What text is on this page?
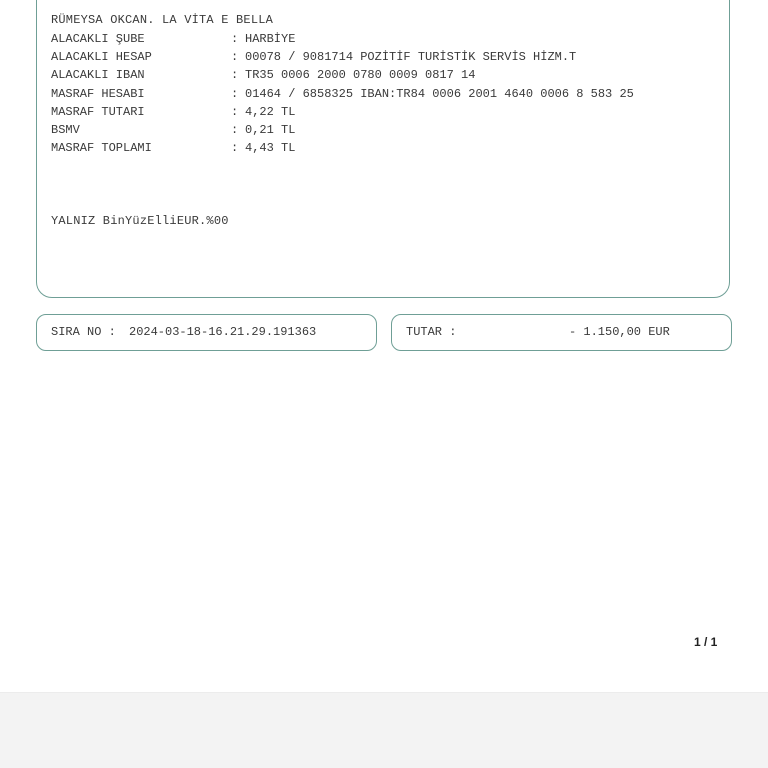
RÜMEYSA OKCAN. LA VİTA E BELLA
ALACAKLI ŞUBE	: HARBİYE
ALACAKLI HESAP	: 00078 / 9081714 POZİTİF TURİSTİK SERVİS HİZM.T
ALACAKLI IBAN	: TR35 0006 2000 0780 0009 0817 14
MASRAF HESABI	: 01464 / 6858325 IBAN:TR84 0006 2001 4640 0006 8 583 25
MASRAF TUTARI	: 4,22 TL
BSMV	: 0,21 TL
MASRAF TOPLAMI	: 4,43 TL
YALNIZ BinYüzElliEUR.%00
SIRA NO : 2024-03-18-16.21.29.191363	TUTAR :	- 1.150,00 EUR
1 / 1
